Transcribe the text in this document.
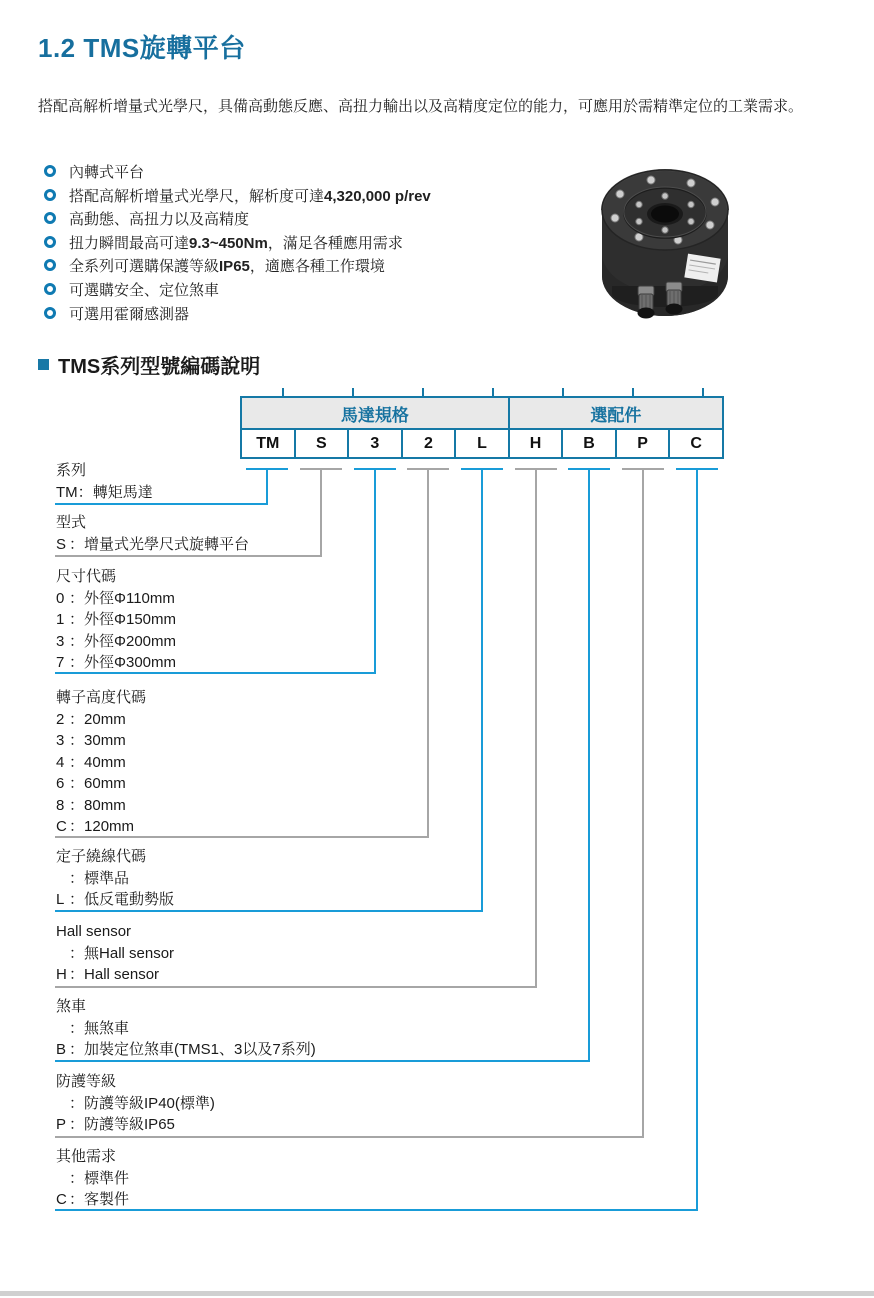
1.2 TMS旋轉平台
搭配高解析增量式光學尺，具備高動態反應、高扭力輸出以及高精度定位的能力，可應用於需精準定位的工業需求。
內轉式平台
搭配高解析增量式光學尺，解析度可達4,320,000 p/rev
高動態、高扭力以及高精度
扭力瞬間最高可達9.3~450Nm，滿足各種應用需求
全系列可選購保護等級IP65，適應各種工作環境
可選購安全、定位煞車
可選用霍爾感測器
TMS系列型號編碼說明
馬達規格					選配件			
TM	S	3	2	L	H	B	P	C
系列
TM：轉矩馬達
型式
S ：增量式光學尺式旋轉平台
尺寸代碼
0 ：外徑Φ110mm
1 ：外徑Φ150mm
3 ：外徑Φ200mm
7 ：外徑Φ300mm
轉子高度代碼
2 ：20mm
3 ：30mm
4 ：40mm
6 ：60mm
8 ：80mm
C ：120mm
定子繞線代碼
：標準品
L ：低反電動勢版
Hall sensor
：無Hall sensor
H ：Hall sensor
煞車
：無煞車
B ：加裝定位煞車(TMS1、3以及7系列)
防護等級
：防護等級IP40(標準)
P ：防護等級IP65
其他需求
：標準件
C ：客製件
